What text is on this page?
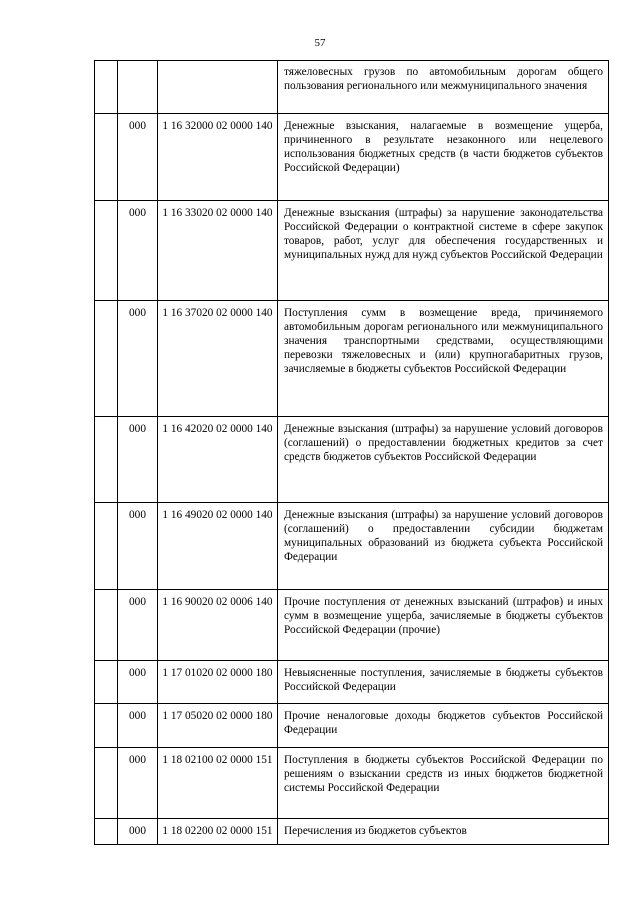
57
			тяжеловесных грузов по автомобильным дорогам общего пользования регионального или межмуниципального значения
	000	1 16 32000 02 0000 140	Денежные взыскания, налагаемые в возмещение ущерба, причиненного в результате незаконного или нецелевого использования бюджетных средств (в части бюджетов субъектов Российской Федерации)
	000	1 16 33020 02 0000 140	Денежные взыскания (штрафы) за нарушение законодательства Российской Федерации о контрактной системе в сфере закупок товаров, работ, услуг для обеспечения государственных и муниципальных нужд для нужд субъектов Российской Федерации
	000	1 16 37020 02 0000 140	Поступления сумм в возмещение вреда, причиняемого автомобильным дорогам регионального или межмуниципального значения транспортными средствами, осуществляющими перевозки тяжеловесных и (или) крупногабаритных грузов, зачисляемые в бюджеты субъектов Российской Федерации
	000	1 16 42020 02 0000 140	Денежные взыскания (штрафы) за нарушение условий договоров (соглашений) о предоставлении бюджетных кредитов за счет средств бюджетов субъектов Российской Федерации
	000	1 16 49020 02 0000 140	Денежные взыскания (штрафы) за нарушение условий договоров (соглашений) о предоставлении субсидии бюджетам муниципальных образований из бюджета субъекта Российской Федерации
	000	1 16 90020 02 0006 140	Прочие поступления от денежных взысканий (штрафов) и иных сумм в возмещение ущерба, зачисляемые в бюджеты субъектов Российской Федерации (прочие)
	000	1 17 01020 02 0000 180	Невыясненные поступления, зачисляемые в бюджеты субъектов Российской Федерации
	000	1 17 05020 02 0000 180	Прочие неналоговые доходы бюджетов субъектов Российской Федерации
	000	1 18 02100 02 0000 151	Поступления в бюджеты субъектов Российской Федерации по решениям о взыскании средств из иных бюджетов бюджетной системы Российской Федерации
	000	1 18 02200 02 0000 151	Перечисления из бюджетов субъектов
